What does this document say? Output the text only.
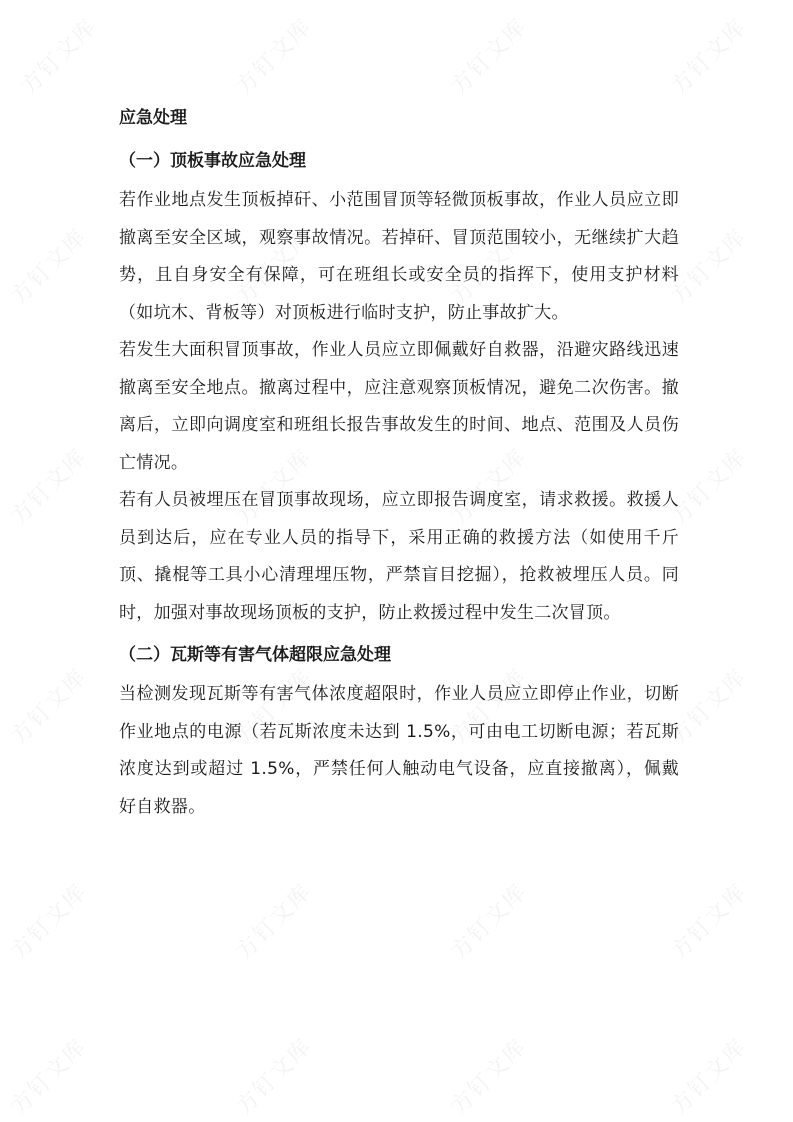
方钉文库	方钉文库	方钉文库	方钉文库
方钉文库	方钉文库	方钉文库	方钉文库
方钉文库	方钉文库	方钉文库	方钉文库
方钉文库	方钉文库	方钉文库	方钉文库
方钉文库	方钉文库	方钉文库	方钉文库
方钉文库	方钉文库	方钉文库	方钉文库
应急处理
（一）顶板事故应急处理

若作业地点发生顶板掉矸、小范围冒顶等轻微顶板事故，作业人员应立即撤离至安全区域，观察事故情况。若掉矸、冒顶范围较小，无继续扩大趋势，且自身安全有保障，可在班组长或安全员的指挥下，使用支护材料（如坑木、背板等）对顶板进行临时支护，防止事故扩大。

若发生大面积冒顶事故，作业人员应立即佩戴好自救器，沿避灾路线迅速撤离至安全地点。撤离过程中，应注意观察顶板情况，避免二次伤害。撤离后，立即向调度室和班组长报告事故发生的时间、地点、范围及人员伤亡情况。

若有人员被埋压在冒顶事故现场，应立即报告调度室，请求救援。救援人员到达后，应在专业人员的指导下，采用正确的救援方法（如使用千斤顶、撬棍等工具小心清理埋压物，严禁盲目挖掘），抢救被埋压人员。同时，加强对事故现场顶板的支护，防止救援过程中发生二次冒顶。

（二）瓦斯等有害气体超限应急处理

当检测发现瓦斯等有害气体浓度超限时，作业人员应立即停止作业，切断作业地点的电源（若瓦斯浓度未达到 1.5%，可由电工切断电源；若瓦斯浓度达到或超过 1.5%，严禁任何人触动电气设备，应直接撤离），佩戴好自救器。
